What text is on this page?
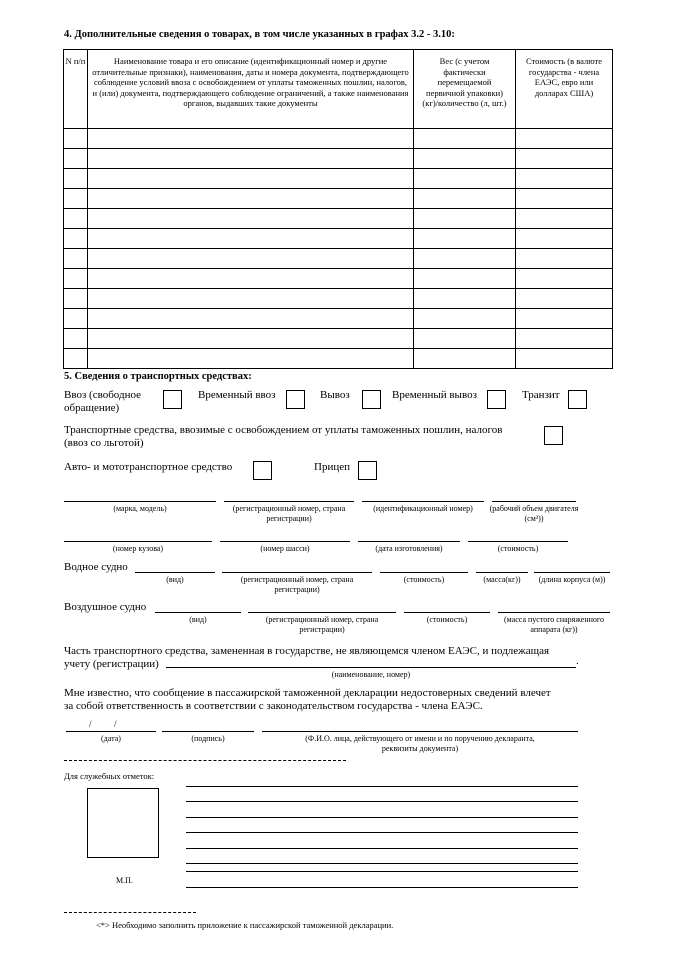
4. Дополнительные сведения о товарах, в том числе указанных в графах 3.2 - 3.10:
N п/п	Наименование товара и его описание (идентификационный номер и другие отличительные признаки), наименования, даты и номера документа, подтверждающего соблюдение условий ввоза с освобождением от уплаты таможенных пошлин, налогов, и (или) документа, подтверждающего соблюдение ограничений, а также наименования органов, выдавших такие документы	Вес (с учетом фактически перемещаемой первичной упаковки) (кг)/количество (л, шт.)	Стоимость (в валюте государства - члена ЕАЭС, евро или долларах США)

5. Сведения о транспортных средствах:
Ввоз (свободное обращение)
Временный ввоз	Вывоз	Временный вывоз	Транзит
Транспортные средства, ввозимые с освобождением от уплаты таможенных пошлин, налогов (ввоз со льготой)
Авто- и мототранспортное средство	Прицеп
(марка, модель)	(регистрационный номер, страна регистрации)
(идентификационный номер) (рабочий объем двигателя (см³))
(номер кузова)	(номер шасси)	(дата изготовления)	(стоимость)
Водное судно
(вид)	(регистрационный номер, страна регистрации)
(стоимость)	(масса(кг))	(длина корпуса (м))
Воздушное судно
(вид)	(регистрационный номер, страна регистрации)
(стоимость)	(масса пустого снаряженного аппарата (кг))
Часть транспортного средства, замененная в государстве, не являющемся членом ЕАЭС, и подлежащая
учету (регистрации)	.
(наименование, номер)
Мне известно, что сообщение в пассажирской таможенной декларации недостоверных сведений влечет
за собой ответственность в соответствии с законодательством государства - члена ЕАЭС.
/          /
(дата)	(подпись)	(Ф.И.О. лица, действующего от имени и по поручению декларанта, реквизиты документа)
Для служебных отметок:
М.П.
<*> Необходимо заполнить приложение к пассажирской таможенной декларации.
